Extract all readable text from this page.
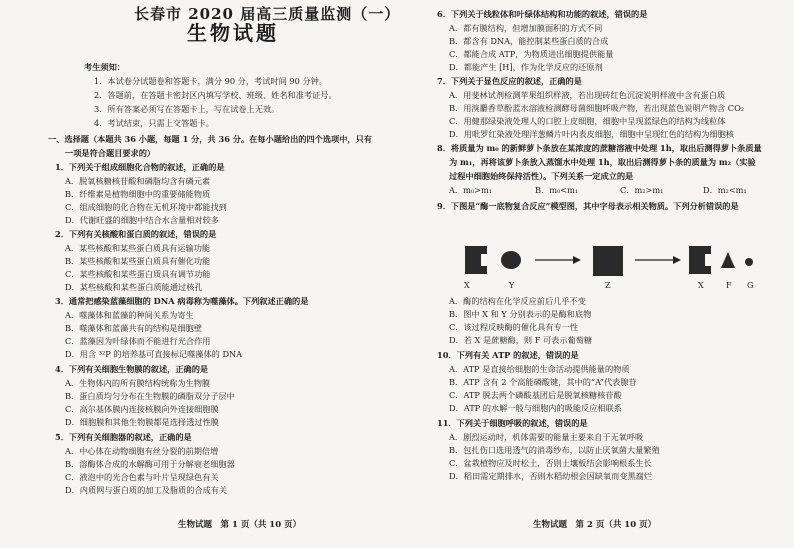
长春市 2020 届高三质量监测（一）
生物试题
考生须知：
1．本试卷分试题卷和答题卡，满分 90 分，考试时间 90 分钟。
2．答题前，在答题卡密封区内填写学校、班级、姓名和准考证号。
3．所有答案必须写在答题卡上，写在试卷上无效。
4．考试结束，只需上交答题卡。
一、选择题（本题共 36 小题，每题 1 分，共 36 分。在每小题给出的四个选项中，只有
一项是符合题目要求的）
1．下列关于组成细胞化合物的叙述，正确的是
A．脱氧核糖核苷酸和磷脂均含有磷元素
B．纤维素是植物细胞中的重要储能物质
C．组成细胞的化合物在无机环境中都能找到
D．代谢旺盛的细胞中结合水含量相对较多
2．下列有关核酸和蛋白质的叙述，错误的是
A．某些核酸和某些蛋白质具有运输功能
B．某些核酸和某些蛋白质具有催化功能
C．某些核酸和某些蛋白质具有调节功能
D．某些核酸和某些蛋白质能通过核孔
3．通常把感染蓝藻细胞的 DNA 病毒称为噬藻体。下列叙述正确的是
A．噬藻体和蓝藻的种间关系为寄生
B．噬藻体和蓝藻共有的结构是细胞壁
C．蓝藻因为叶绿体而不能进行光合作用
D．用含 ³²P 的培养基可直接标记噬藻体的 DNA
4．下列有关细胞生物膜的叙述，正确的是
A．生物体内的所有膜结构统称为生物膜
B．蛋白质均匀分布在生物膜的磷脂双分子层中
C．高尔基体膜内连接核膜向外连接细胞膜
D．细胞膜和其他生物膜都是选择透过性膜
5．下列有关细胞器的叙述，正确的是
A．中心体在动物细胞有丝分裂的前期倍增
B．溶酶体合成的水解酶可用于分解衰老细胞器
C．液泡中的光合色素与叶片呈现绿色有关
D．内质网与蛋白质的加工及脂质的合成有关
生物试题　第 1 页（共 10 页）
6．下列关于线粒体和叶绿体结构和功能的叙述，错误的是
A．都有膜结构，但增加膜面积的方式不同
B．都含有 DNA，能控制某些蛋白质的合成
C．都能合成 ATP，为物质进出细胞提供能量
D．都能产生 [H]，作为化学反应的还原剂
7．下列关于显色反应的叙述，正确的是
A．用斐林试剂检测苹果组织样液，若出现砖红色沉淀说明样液中含有蛋白质
B．用溴麝香草酚蓝水溶液检测酵母菌细胞呼吸产物，若出现蓝色说明产物含 CO₂
C．用健那绿染液处理人的口腔上皮细胞，细胞中呈现蓝绿色的结构为线粒体
D．用吡罗红染液处理洋葱鳞片叶内表皮细胞，细胞中呈现红色的结构为细胞核
8．将质量为 m₀ 的新鲜萝卜条放在某浓度的蔗糖溶液中处理 1h，取出后测得萝卜条质量
为 m₁，再将该萝卜条放入蒸馏水中处理 1h，取出后测得萝卜条的质量为 m₂（实验
过程中细胞始终保持活性）。下列关系一定成立的是
A．m₀>m₁	B．m₀<m₁	C．m₂>m₁	D．m₂<m₁
9．下图是“酶一底物复合反应”模型图，其中字母表示相关物质。下列分析错误的是
X	Y	Z	X	F G
A．酶的结构在化学反应前后几乎不变
B．图中 X 和 Y 分别表示的是酶和底物
C．该过程反映酶的催化具有专一性
D．若 X 是蔗糖酶，则 F 可表示葡萄糖
10．下列有关 ATP 的叙述，错误的是
A．ATP 是直接给细胞的生命活动提供能量的物质
B．ATP 含有 2 个高能磷酸键，其中的“A”代表腺苷
C．ATP 脱去两个磷酸基团后是脱氧核糖核苷酸
D．ATP 的水解一般与细胞内的吸能反应相联系
11．下列关于细胞呼吸的叙述，错误的是
A．剧烈运动时，机体需要的能量主要来自于无氧呼吸
B．包扎伤口选用透气的消毒纱布，以防止厌氧菌大量繁殖
C．盆栽植物应及时松土，否则土壤板结会影响根系生长
D．稻田需定期排水，否则水稻幼根会因缺氧而变黑腐烂
生物试题　第 2 页（共 10 页）
